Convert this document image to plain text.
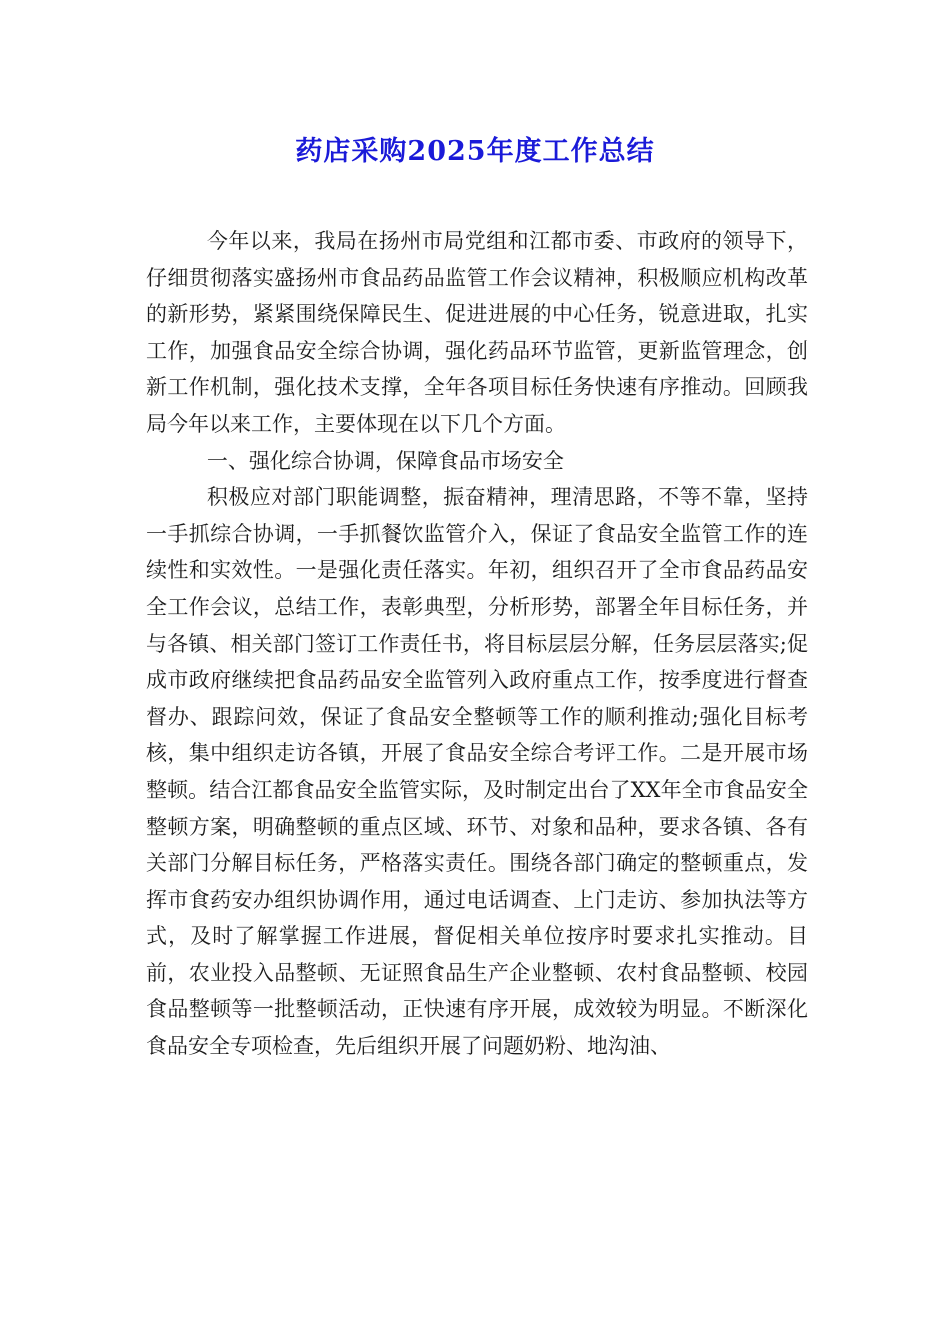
药店采购2025年度工作总结

今年以来，我局在扬州市局党组和江都市委、市政府的领导下，仔细贯彻落实盛扬州市食品药品监管工作会议精神，积极顺应机构改革的新形势，紧紧围绕保障民生、促进进展的中心任务，锐意进取，扎实工作，加强食品安全综合协调，强化药品环节监管，更新监管理念，创新工作机制，强化技术支撑，全年各项目标任务快速有序推动。回顾我局今年以来工作，主要体现在以下几个方面。

一、强化综合协调，保障食品市场安全

积极应对部门职能调整，振奋精神，理清思路，不等不靠，坚持一手抓综合协调，一手抓餐饮监管介入，保证了食品安全监管工作的连续性和实效性。一是强化责任落实。年初，组织召开了全市食品药品安全工作会议，总结工作，表彰典型，分析形势，部署全年目标任务，并与各镇、相关部门签订工作责任书，将目标层层分解，任务层层落实;促成市政府继续把食品药品安全监管列入政府重点工作，按季度进行督查督办、跟踪问效，保证了食品安全整顿等工作的顺利推动;强化目标考核，集中组织走访各镇，开展了食品安全综合考评工作。二是开展市场整顿。结合江都食品安全监管实际，及时制定出台了XX年全市食品安全整顿方案，明确整顿的重点区域、环节、对象和品种，要求各镇、各有关部门分解目标任务，严格落实责任。围绕各部门确定的整顿重点，发挥市食药安办组织协调作用，通过电话调查、上门走访、参加执法等方式，及时了解掌握工作进展，督促相关单位按序时要求扎实推动。目前，农业投入品整顿、无证照食品生产企业整顿、农村食品整顿、校园食品整顿等一批整顿活动，正快速有序开展，成效较为明显。不断深化食品安全专项检查，先后组织开展了问题奶粉、地沟油、
